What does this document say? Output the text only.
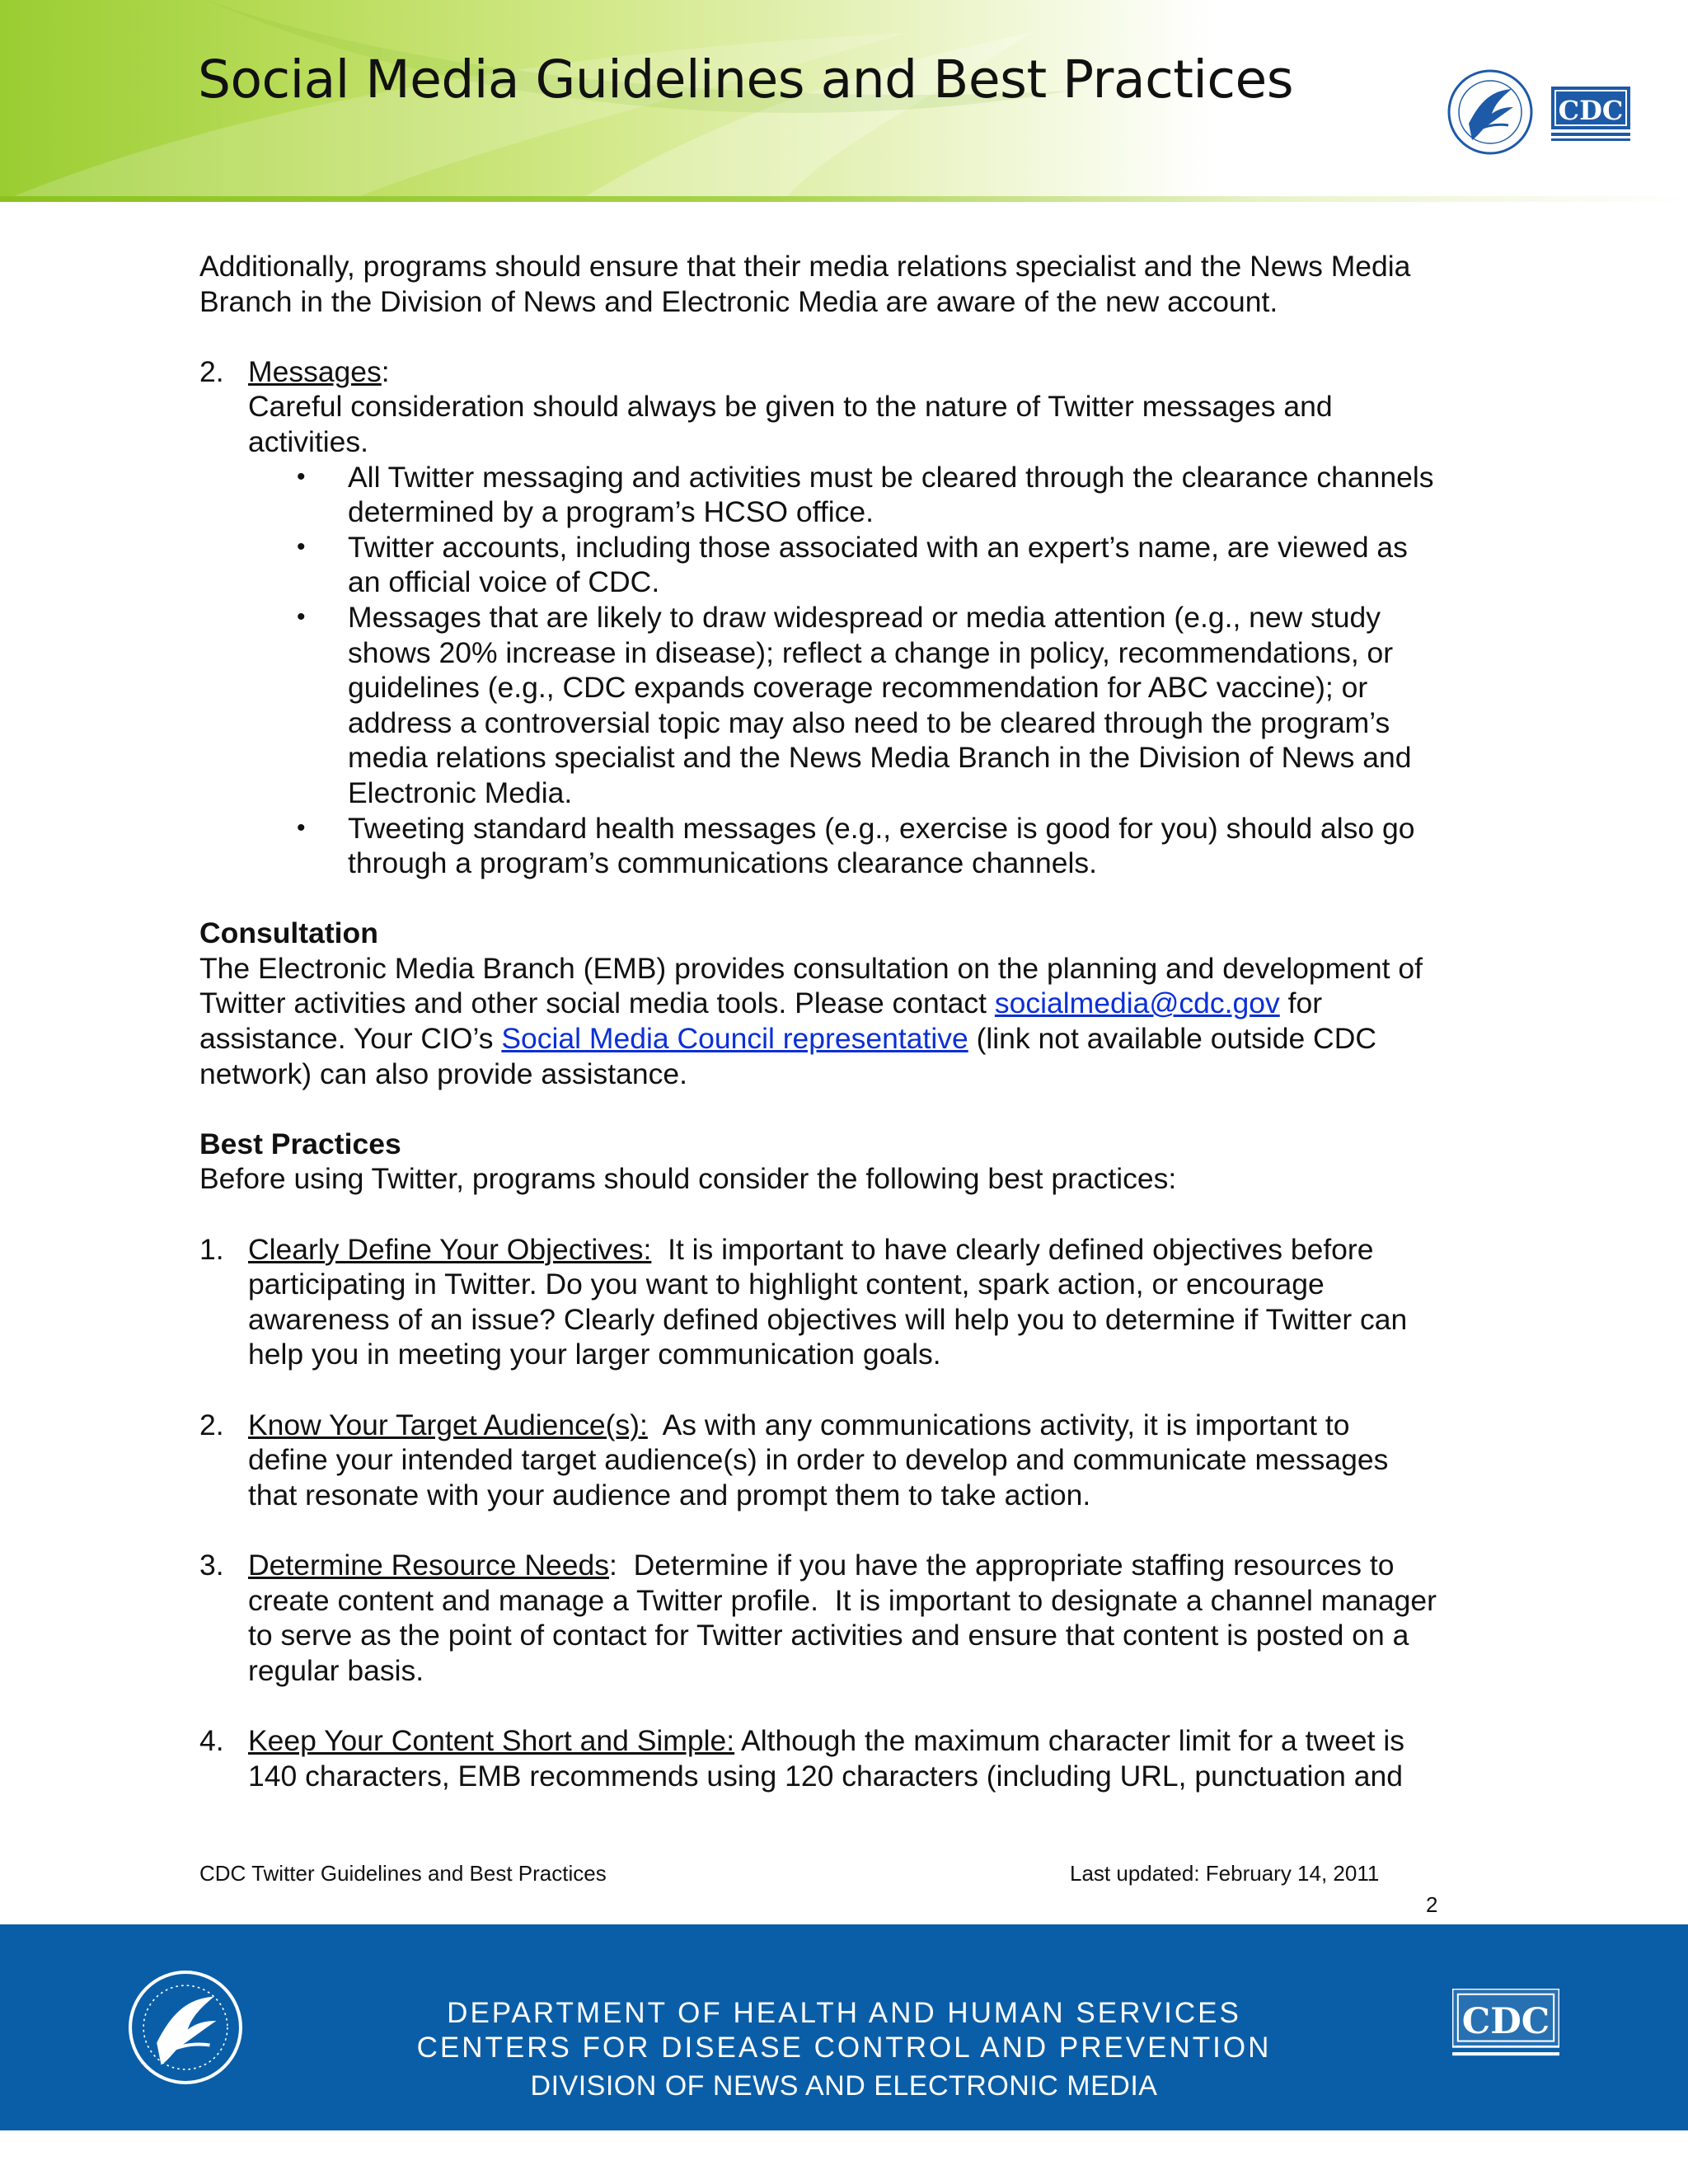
Social Media Guidelines and Best Practices
CDC

Additionally, programs should ensure that their media relations specialist and the News Media
Branch in the Division of News and Electronic Media are aware of the new account.

2. Messages:

Careful consideration should always be given to the nature of Twitter messages and
activities.

• All Twitter messaging and activities must be cleared through the clearance channels
determined by a program’s HCSO office.
• Twitter accounts, including those associated with an expert’s name, are viewed as
an official voice of CDC.
• Messages that are likely to draw widespread or media attention (e.g., new study
shows 20% increase in disease); reflect a change in policy, recommendations, or
guidelines (e.g., CDC expands coverage recommendation for ABC vaccine); or
address a controversial topic may also need to be cleared through the program’s
media relations specialist and the News Media Branch in the Division of News and
Electronic Media.
• Tweeting standard health messages (e.g., exercise is good for you) should also go
through a program’s communications clearance channels.

Consultation

The Electronic Media Branch (EMB) provides consultation on the planning and development of
Twitter activities and other social media tools. Please contact socialmedia@cdc.gov for
assistance. Your CIO’s Social Media Council representative (link not available outside CDC
network) can also provide assistance.

Best Practices

Before using Twitter, programs should consider the following best practices:

1. Clearly Define Your Objectives:  It is important to have clearly defined objectives before
participating in Twitter. Do you want to highlight content, spark action, or encourage
awareness of an issue? Clearly defined objectives will help you to determine if Twitter can
help you in meeting your larger communication goals.

2. Know Your Target Audience(s):  As with any communications activity, it is important to
define your intended target audience(s) in order to develop and communicate messages
that resonate with your audience and prompt them to take action.

3. Determine Resource Needs:  Determine if you have the appropriate staffing resources to
create content and manage a Twitter profile.  It is important to designate a channel manager
to serve as the point of contact for Twitter activities and ensure that content is posted on a
regular basis.

4. Keep Your Content Short and Simple: Although the maximum character limit for a tweet is
140 characters, EMB recommends using 120 characters (including URL, punctuation and

CDC Twitter Guidelines and Best Practices	Last updated: February 14, 2011
2
DEPARTMENT OF HEALTH AND HUMAN SERVICES
CENTERS FOR DISEASE CONTROL AND PREVENTION
DIVISION OF NEWS AND ELECTRONIC MEDIA
CDC
